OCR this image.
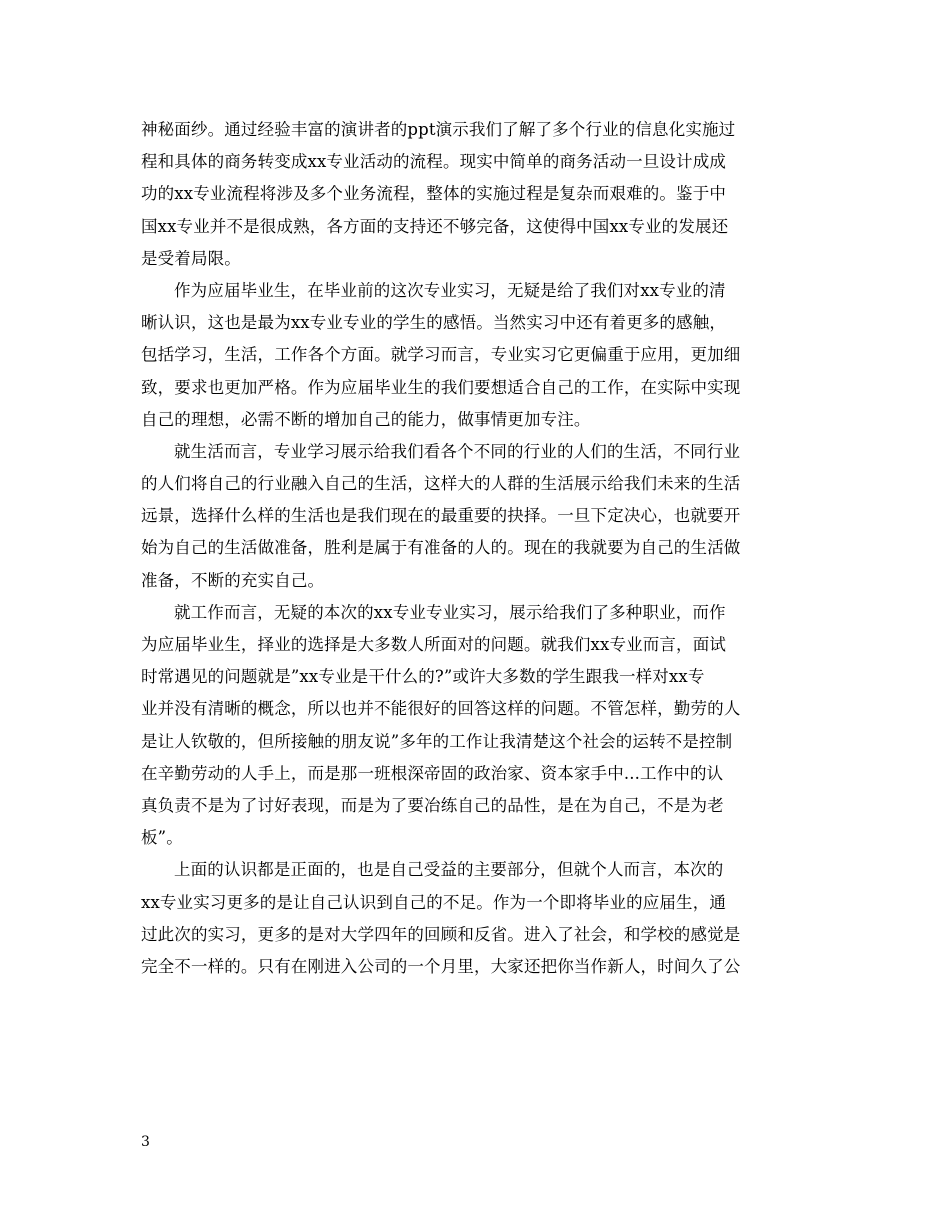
神秘面纱。通过经验丰富的演讲者的ppt演示我们了解了多个行业的信息化实施过
程和具体的商务转变成xx专业活动的流程。现实中简单的商务活动一旦设计成成
功的xx专业流程将涉及多个业务流程，整体的实施过程是复杂而艰难的。鉴于中
国xx专业并不是很成熟，各方面的支持还不够完备，这使得中国xx专业的发展还
是受着局限。
作为应届毕业生，在毕业前的这次专业实习，无疑是给了我们对xx专业的清
晰认识，这也是最为xx专业专业的学生的感悟。当然实习中还有着更多的感触，
包括学习，生活，工作各个方面。就学习而言，专业实习它更偏重于应用，更加细
致，要求也更加严格。作为应届毕业生的我们要想适合自己的工作，在实际中实现
自己的理想，必需不断的增加自己的能力，做事情更加专注。
就生活而言，专业学习展示给我们看各个不同的行业的人们的生活，不同行业
的人们将自己的行业融入自己的生活，这样大的人群的生活展示给我们未来的生活
远景，选择什么样的生活也是我们现在的最重要的抉择。一旦下定决心，也就要开
始为自己的生活做准备，胜利是属于有准备的人的。现在的我就要为自己的生活做
准备，不断的充实自己。
就工作而言，无疑的本次的xx专业专业实习，展示给我们了多种职业，而作
为应届毕业生，择业的选择是大多数人所面对的问题。就我们xx专业而言，面试
时常遇见的问题就是”xx专业是干什么的?”或许大多数的学生跟我一样对xx专
业并没有清晰的概念，所以也并不能很好的回答这样的问题。不管怎样，勤劳的人
是让人钦敬的，但所接触的朋友说”多年的工作让我清楚这个社会的运转不是控制
在辛勤劳动的人手上，而是那一班根深帝固的政治家、资本家手中...工作中的认
真负责不是为了讨好表现，而是为了要冶练自己的品性，是在为自己，不是为老
板”。
上面的认识都是正面的，也是自己受益的主要部分，但就个人而言，本次的
xx专业实习更多的是让自己认识到自己的不足。作为一个即将毕业的应届生，通
过此次的实习，更多的是对大学四年的回顾和反省。进入了社会，和学校的感觉是
完全不一样的。只有在刚进入公司的一个月里，大家还把你当作新人，时间久了公
3
